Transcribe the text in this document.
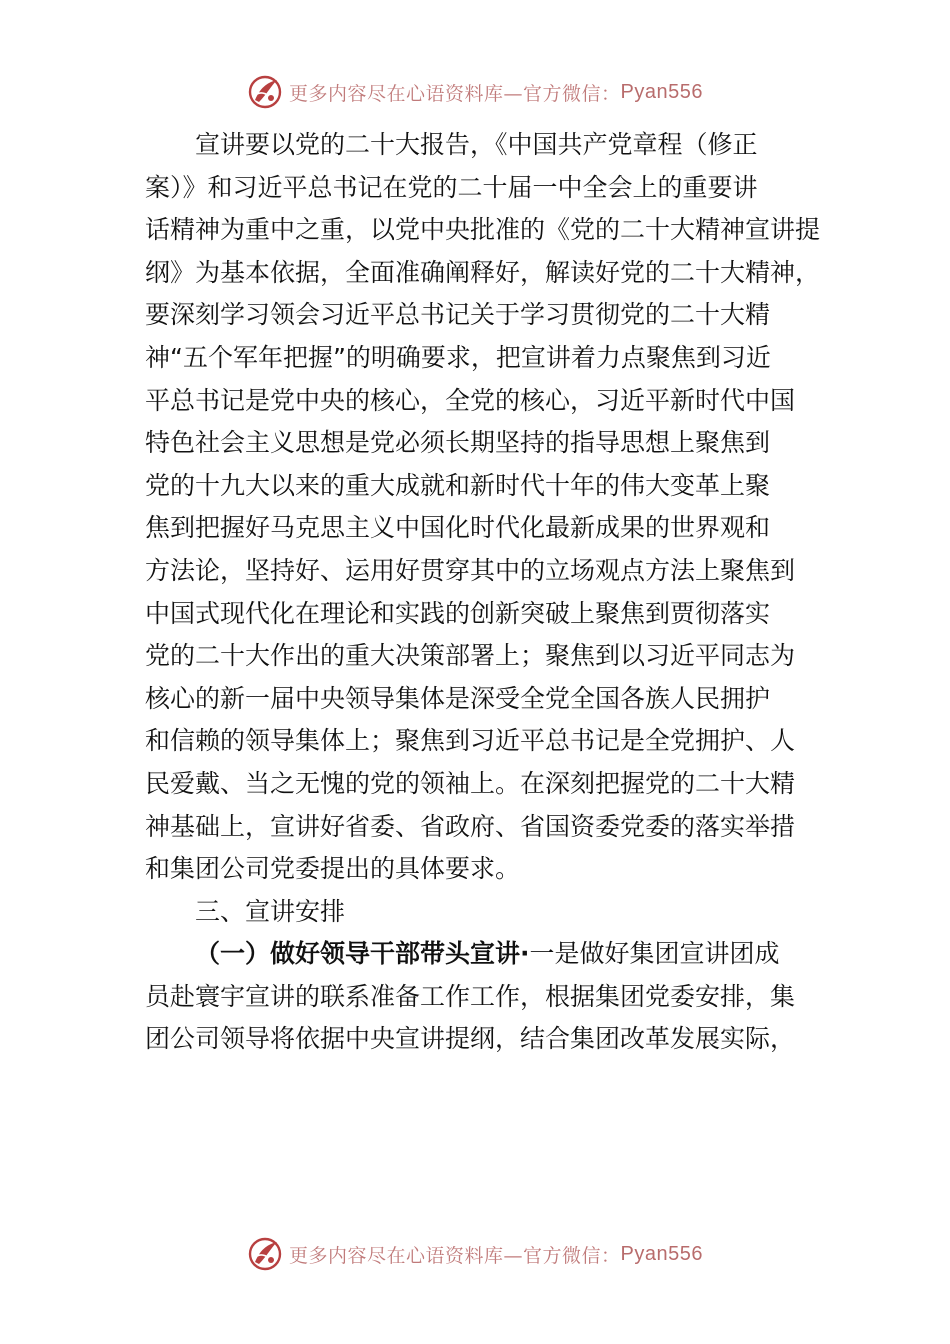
更多内容尽在心语资料库—官方微信： Pyan556
宣讲要以党的二十大报告，《中国共产党章程（修正
案）》和习近平总书记在党的二十届一中全会上的重要讲
话精神为重中之重，以党中央批准的《党的二十大精神宣讲提
纲》为基本依据，全面准确阐释好，解读好党的二十大精神，
要深刻学习领会习近平总书记关于学习贯彻党的二十大精
神“五个军年把握”的明确要求，把宣讲着力点聚焦到习近
平总书记是党中央的核心，全党的核心，习近平新时代中国
特色社会主义思想是党必须长期坚持的指导思想上聚焦到
党的十九大以来的重大成就和新时代十年的伟大变革上聚
焦到把握好马克思主义中国化时代化最新成果的世界观和
方法论，坚持好、运用好贯穿其中的立场观点方法上聚焦到
中国式现代化在理论和实践的创新突破上聚焦到贾彻落实
党的二十大作出的重大决策部署上；聚焦到以习近平同志为
核心的新一届中央领导集体是深受全党全国各族人民拥护
和信赖的领导集体上；聚焦到习近平总书记是全党拥护、人
民爱戴、当之无愧的党的领袖上。在深刻把握党的二十大精
神基础上，宣讲好省委、省政府、省国资委党委的落实举措
和集团公司党委提出的具体要求。
三、宣讲安排
（一）做好领导干部带头宣讲·一是做好集团宣讲团成
员赴寰宇宣讲的联系准备工作工作，根据集团党委安排，集
团公司领导将依据中央宣讲提纲，结合集团改革发展实际，
更多内容尽在心语资料库—官方微信： Pyan556
